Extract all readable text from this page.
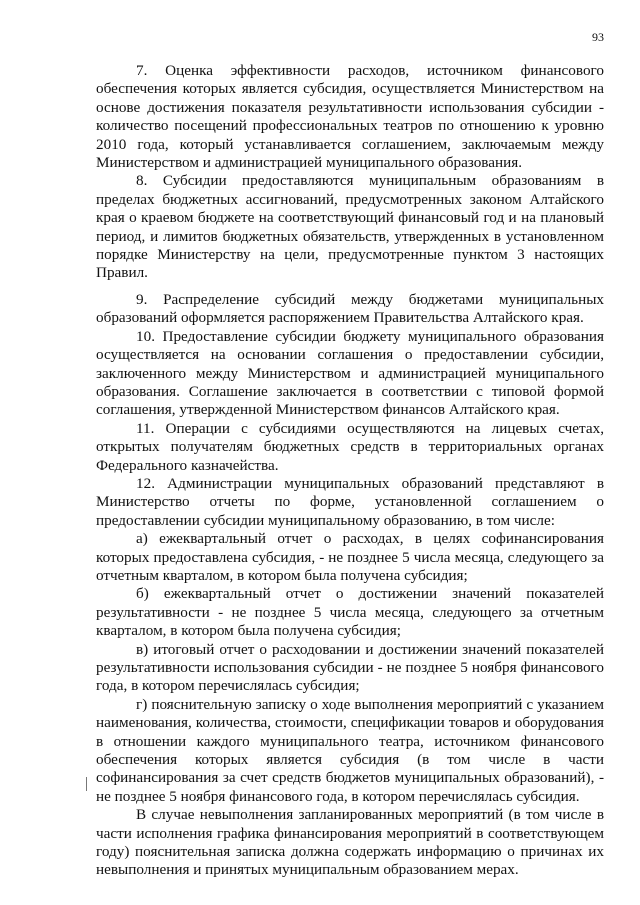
93

7. Оценка эффективности расходов, источником финансового обеспечения которых является субсидия, осуществляется Министерством на основе достижения показателя результативности использования субсидии - количество посещений профессиональных театров по отношению к уровню 2010 года, который устанавливается соглашением, заключаемым между Министерством и администрацией муниципального образования.

8. Субсидии предоставляются муниципальным образованиям в пределах бюджетных ассигнований, предусмотренных законом Алтайского края о краевом бюджете на соответствующий финансовый год и на плановый период, и лимитов бюджетных обязательств, утвержденных в установленном порядке Министерству на цели, предусмотренные пунктом 3 настоящих Правил.

9. Распределение субсидий между бюджетами муниципальных образований оформляется распоряжением Правительства Алтайского края.

10. Предоставление субсидии бюджету муниципального образования осуществляется на основании соглашения о предоставлении субсидии, заключенного между Министерством и администрацией муниципального образования. Соглашение заключается в соответствии с типовой формой соглашения, утвержденной Министерством финансов Алтайского края.

11. Операции с субсидиями осуществляются на лицевых счетах, открытых получателям бюджетных средств в территориальных органах Федерального казначейства.

12. Администрации муниципальных образований представляют в Министерство отчеты по форме, установленной соглашением о предоставлении субсидии муниципальному образованию, в том числе:

а) ежеквартальный отчет о расходах, в целях софинансирования которых предоставлена субсидия, - не позднее 5 числа месяца, следующего за отчетным кварталом, в котором была получена субсидия;

б) ежеквартальный отчет о достижении значений показателей результативности - не позднее 5 числа месяца, следующего за отчетным кварталом, в котором была получена субсидия;

в) итоговый отчет о расходовании и достижении значений показателей результативности использования субсидии - не позднее 5 ноября финансового года, в котором перечислялась субсидия;

г) пояснительную записку о ходе выполнения мероприятий с указанием наименования, количества, стоимости, спецификации товаров и оборудования в отношении каждого муниципального театра, источником финансового обеспечения которых является субсидия (в том числе в части софинансирования за счет средств бюджетов муниципальных образований), - не позднее 5 ноября финансового года, в котором перечислялась субсидия.

В случае невыполнения запланированных мероприятий (в том числе в части исполнения графика финансирования мероприятий в соответствующем году) пояснительная записка должна содержать информацию о причинах их невыполнения и принятых муниципальным образованием мерах.
